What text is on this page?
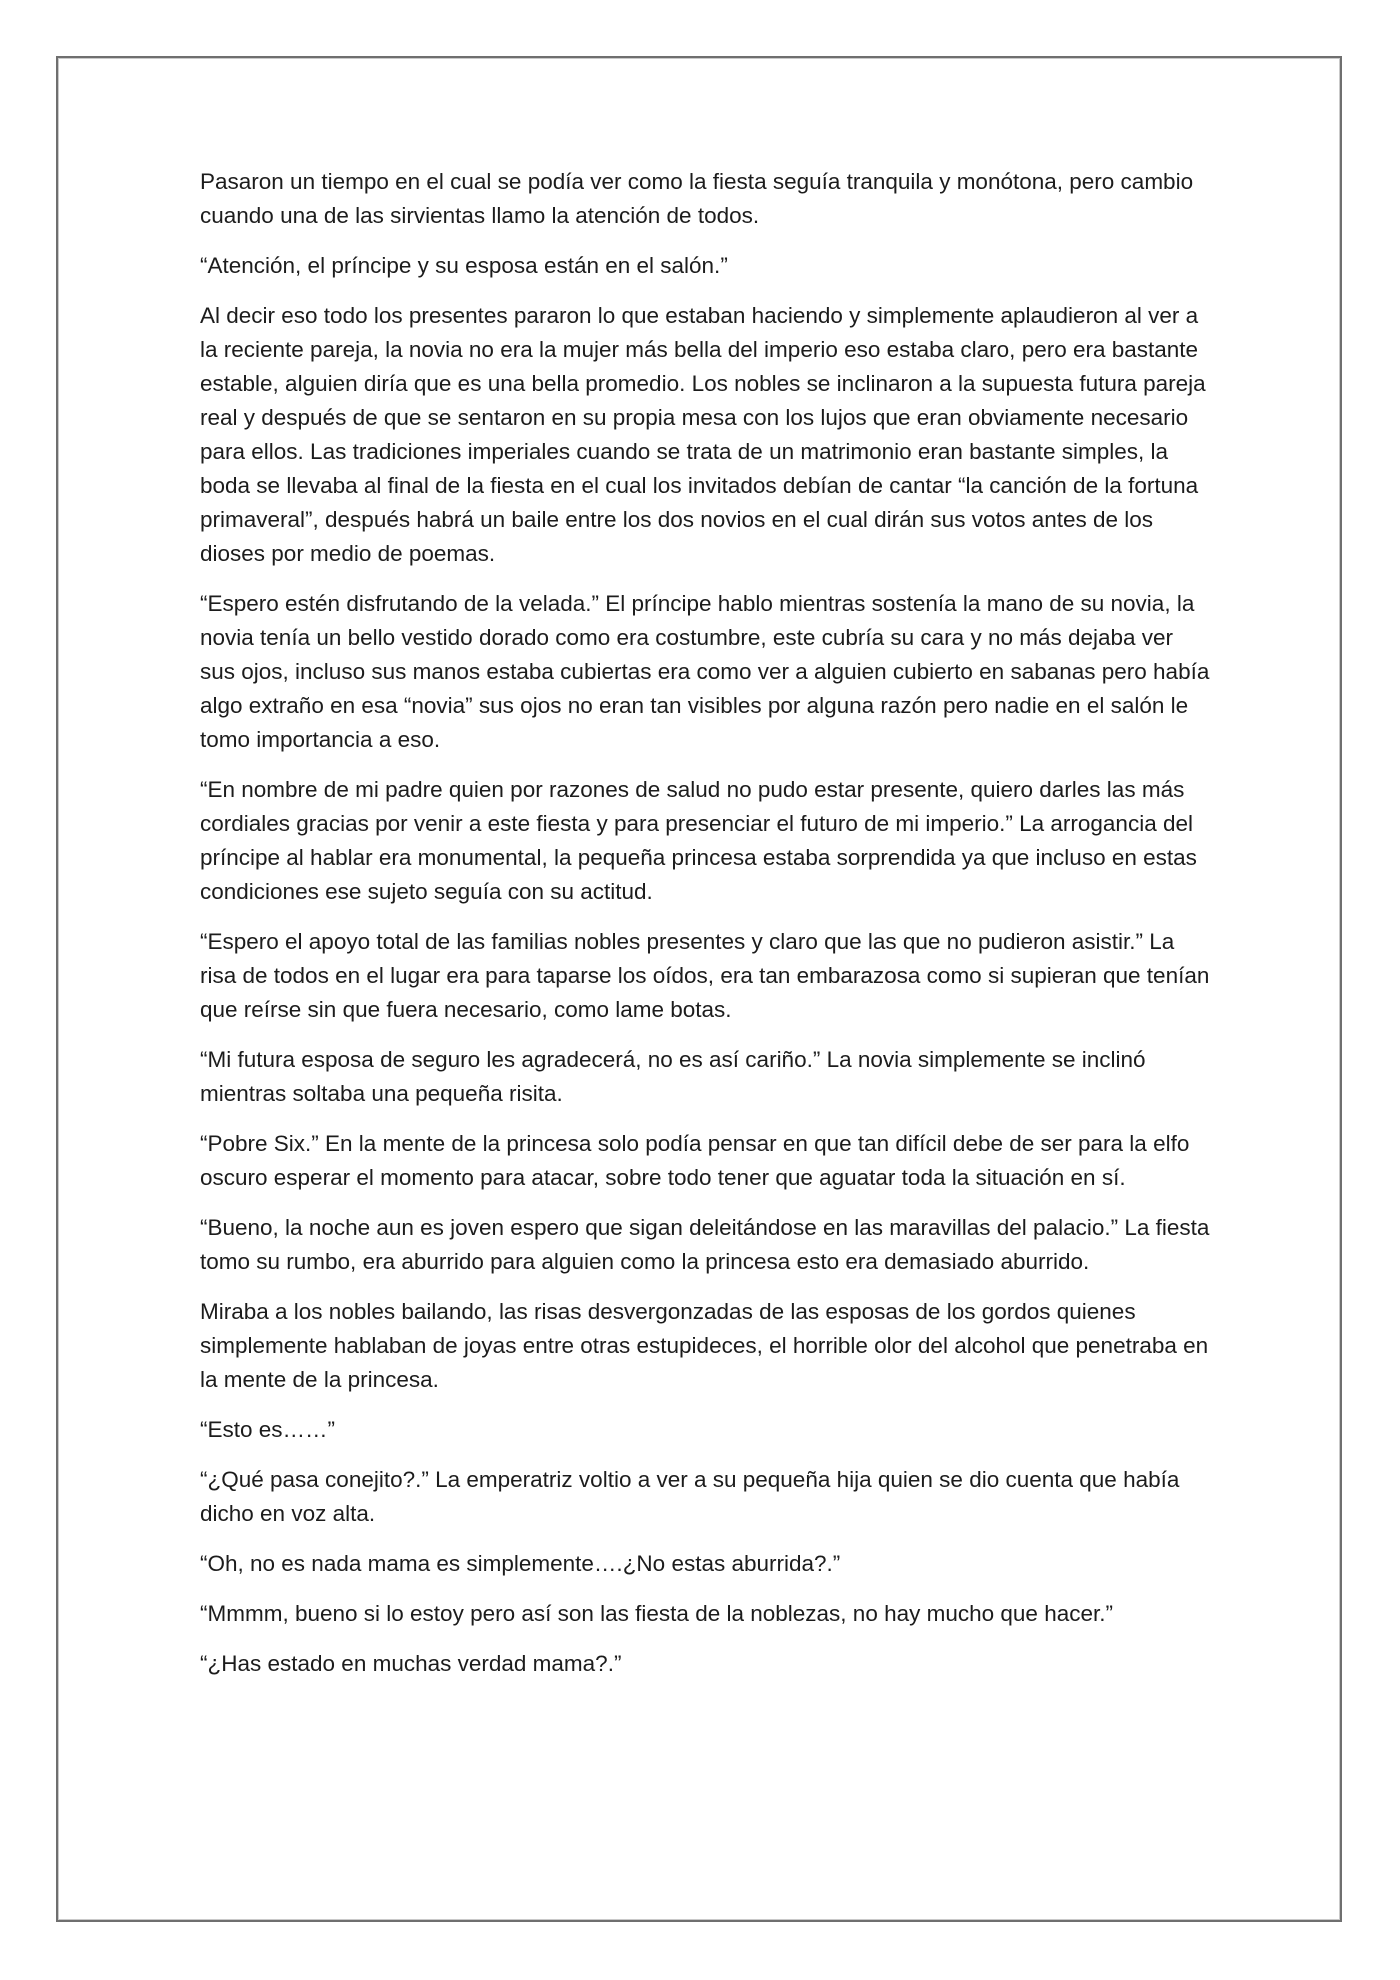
Pasaron un tiempo en el cual se podía ver como la fiesta seguía tranquila y monótona, pero cambio cuando una de las sirvientas llamo la atención de todos.

“Atención, el príncipe y su esposa están en el salón.”

Al decir eso todo los presentes pararon lo que estaban haciendo y simplemente aplaudieron al ver a la reciente pareja, la novia no era la mujer más bella del imperio eso estaba claro, pero era bastante estable, alguien diría que es una bella promedio. Los nobles se inclinaron a la supuesta futura pareja real y después de que se sentaron en su propia mesa con los lujos que eran obviamente necesario para ellos. Las tradiciones imperiales cuando se trata de un matrimonio eran bastante simples, la boda se llevaba al final de la fiesta en el cual los invitados debían de cantar “la canción de la fortuna primaveral”, después habrá un baile entre los dos novios en el cual dirán sus votos antes de los dioses por medio de poemas.

“Espero estén disfrutando de la velada.” El príncipe hablo mientras sostenía la mano de su novia, la novia tenía un bello vestido dorado como era costumbre, este cubría su cara y no más dejaba ver sus ojos, incluso sus manos estaba cubiertas era como ver a alguien cubierto en sabanas pero había algo extraño en esa “novia” sus ojos no eran tan visibles por alguna razón pero nadie en el salón le tomo importancia a eso.

“En nombre de mi padre quien por razones de salud no pudo estar presente, quiero darles las más cordiales gracias por venir a este fiesta y para presenciar el futuro de mi imperio.” La arrogancia del príncipe al hablar era monumental, la pequeña princesa estaba sorprendida ya que incluso en estas condiciones ese sujeto seguía con su actitud.

“Espero el apoyo total de las familias nobles presentes y claro que las que no pudieron asistir.” La risa de todos en el lugar era para taparse los oídos, era tan embarazosa como si supieran que tenían que reírse sin que fuera necesario, como lame botas.

“Mi futura esposa de seguro les agradecerá, no es así cariño.” La novia simplemente se inclinó mientras soltaba una pequeña risita.

“Pobre Six.” En la mente de la princesa solo podía pensar en que tan difícil debe de ser para la elfo oscuro esperar el momento para atacar, sobre todo tener que aguatar toda la situación en sí.

“Bueno, la noche aun es joven espero que sigan deleitándose en las maravillas del palacio.” La fiesta tomo su rumbo, era aburrido para alguien como la princesa esto era demasiado aburrido.

Miraba a los nobles bailando, las risas desvergonzadas de las esposas de los gordos quienes simplemente hablaban de joyas entre otras estupideces, el horrible olor del alcohol que penetraba en la mente de la princesa.

“Esto es……”

“¿Qué pasa conejito?.” La emperatriz voltio a ver a su pequeña hija quien se dio cuenta que había dicho en voz alta.

“Oh, no es nada mama es simplemente….¿No estas aburrida?.”

“Mmmm, bueno si lo estoy pero así son las fiesta de la noblezas, no hay mucho que hacer.”

“¿Has estado en muchas verdad mama?.”
